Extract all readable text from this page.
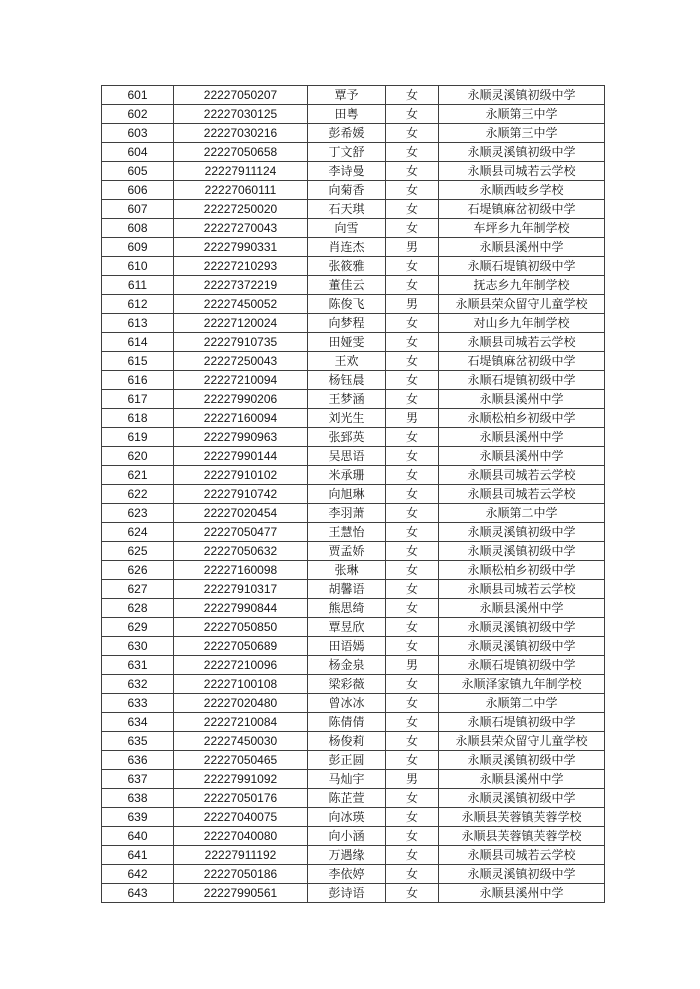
601	22227050207	覃予	女	永顺灵溪镇初级中学
602	22227030125	田粤	女	永顺第三中学
603	22227030216	彭希媛	女	永顺第三中学
604	22227050658	丁文舒	女	永顺灵溪镇初级中学
605	22227911124	李诗曼	女	永顺县司城若云学校
606	22227060111	向菊香	女	永顺西岐乡学校
607	22227250020	石天琪	女	石堤镇麻岔初级中学
608	22227270043	向雪	女	车坪乡九年制学校
609	22227990331	肖连杰	男	永顺县溪州中学
610	22227210293	张筱雅	女	永顺石堤镇初级中学
611	22227372219	董佳云	女	抚志乡九年制学校
612	22227450052	陈俊飞	男	永顺县荣众留守儿童学校
613	22227120024	向梦程	女	对山乡九年制学校
614	22227910735	田娅雯	女	永顺县司城若云学校
615	22227250043	王欢	女	石堤镇麻岔初级中学
616	22227210094	杨钰晨	女	永顺石堤镇初级中学
617	22227990206	王梦涵	女	永顺县溪州中学
618	22227160094	刘光生	男	永顺松柏乡初级中学
619	22227990963	张郅英	女	永顺县溪州中学
620	22227990144	吴思语	女	永顺县溪州中学
621	22227910102	米承珊	女	永顺县司城若云学校
622	22227910742	向旭琳	女	永顺县司城若云学校
623	22227020454	李羽萧	女	永顺第二中学
624	22227050477	王慧怡	女	永顺灵溪镇初级中学
625	22227050632	贾孟娇	女	永顺灵溪镇初级中学
626	22227160098	张琳	女	永顺松柏乡初级中学
627	22227910317	胡馨语	女	永顺县司城若云学校
628	22227990844	熊思绮	女	永顺县溪州中学
629	22227050850	覃昱欣	女	永顺灵溪镇初级中学
630	22227050689	田语嫣	女	永顺灵溪镇初级中学
631	22227210096	杨金泉	男	永顺石堤镇初级中学
632	22227100108	梁彩薇	女	永顺泽家镇九年制学校
633	22227020480	曾冰冰	女	永顺第二中学
634	22227210084	陈倩倩	女	永顺石堤镇初级中学
635	22227450030	杨俊莉	女	永顺县荣众留守儿童学校
636	22227050465	彭正圆	女	永顺灵溪镇初级中学
637	22227991092	马灿宇	男	永顺县溪州中学
638	22227050176	陈芷萱	女	永顺灵溪镇初级中学
639	22227040075	向冰瑛	女	永顺县芙蓉镇芙蓉学校
640	22227040080	向小涵	女	永顺县芙蓉镇芙蓉学校
641	22227911192	万遇缘	女	永顺县司城若云学校
642	22227050186	李依婷	女	永顺灵溪镇初级中学
643	22227990561	彭诗语	女	永顺县溪州中学
